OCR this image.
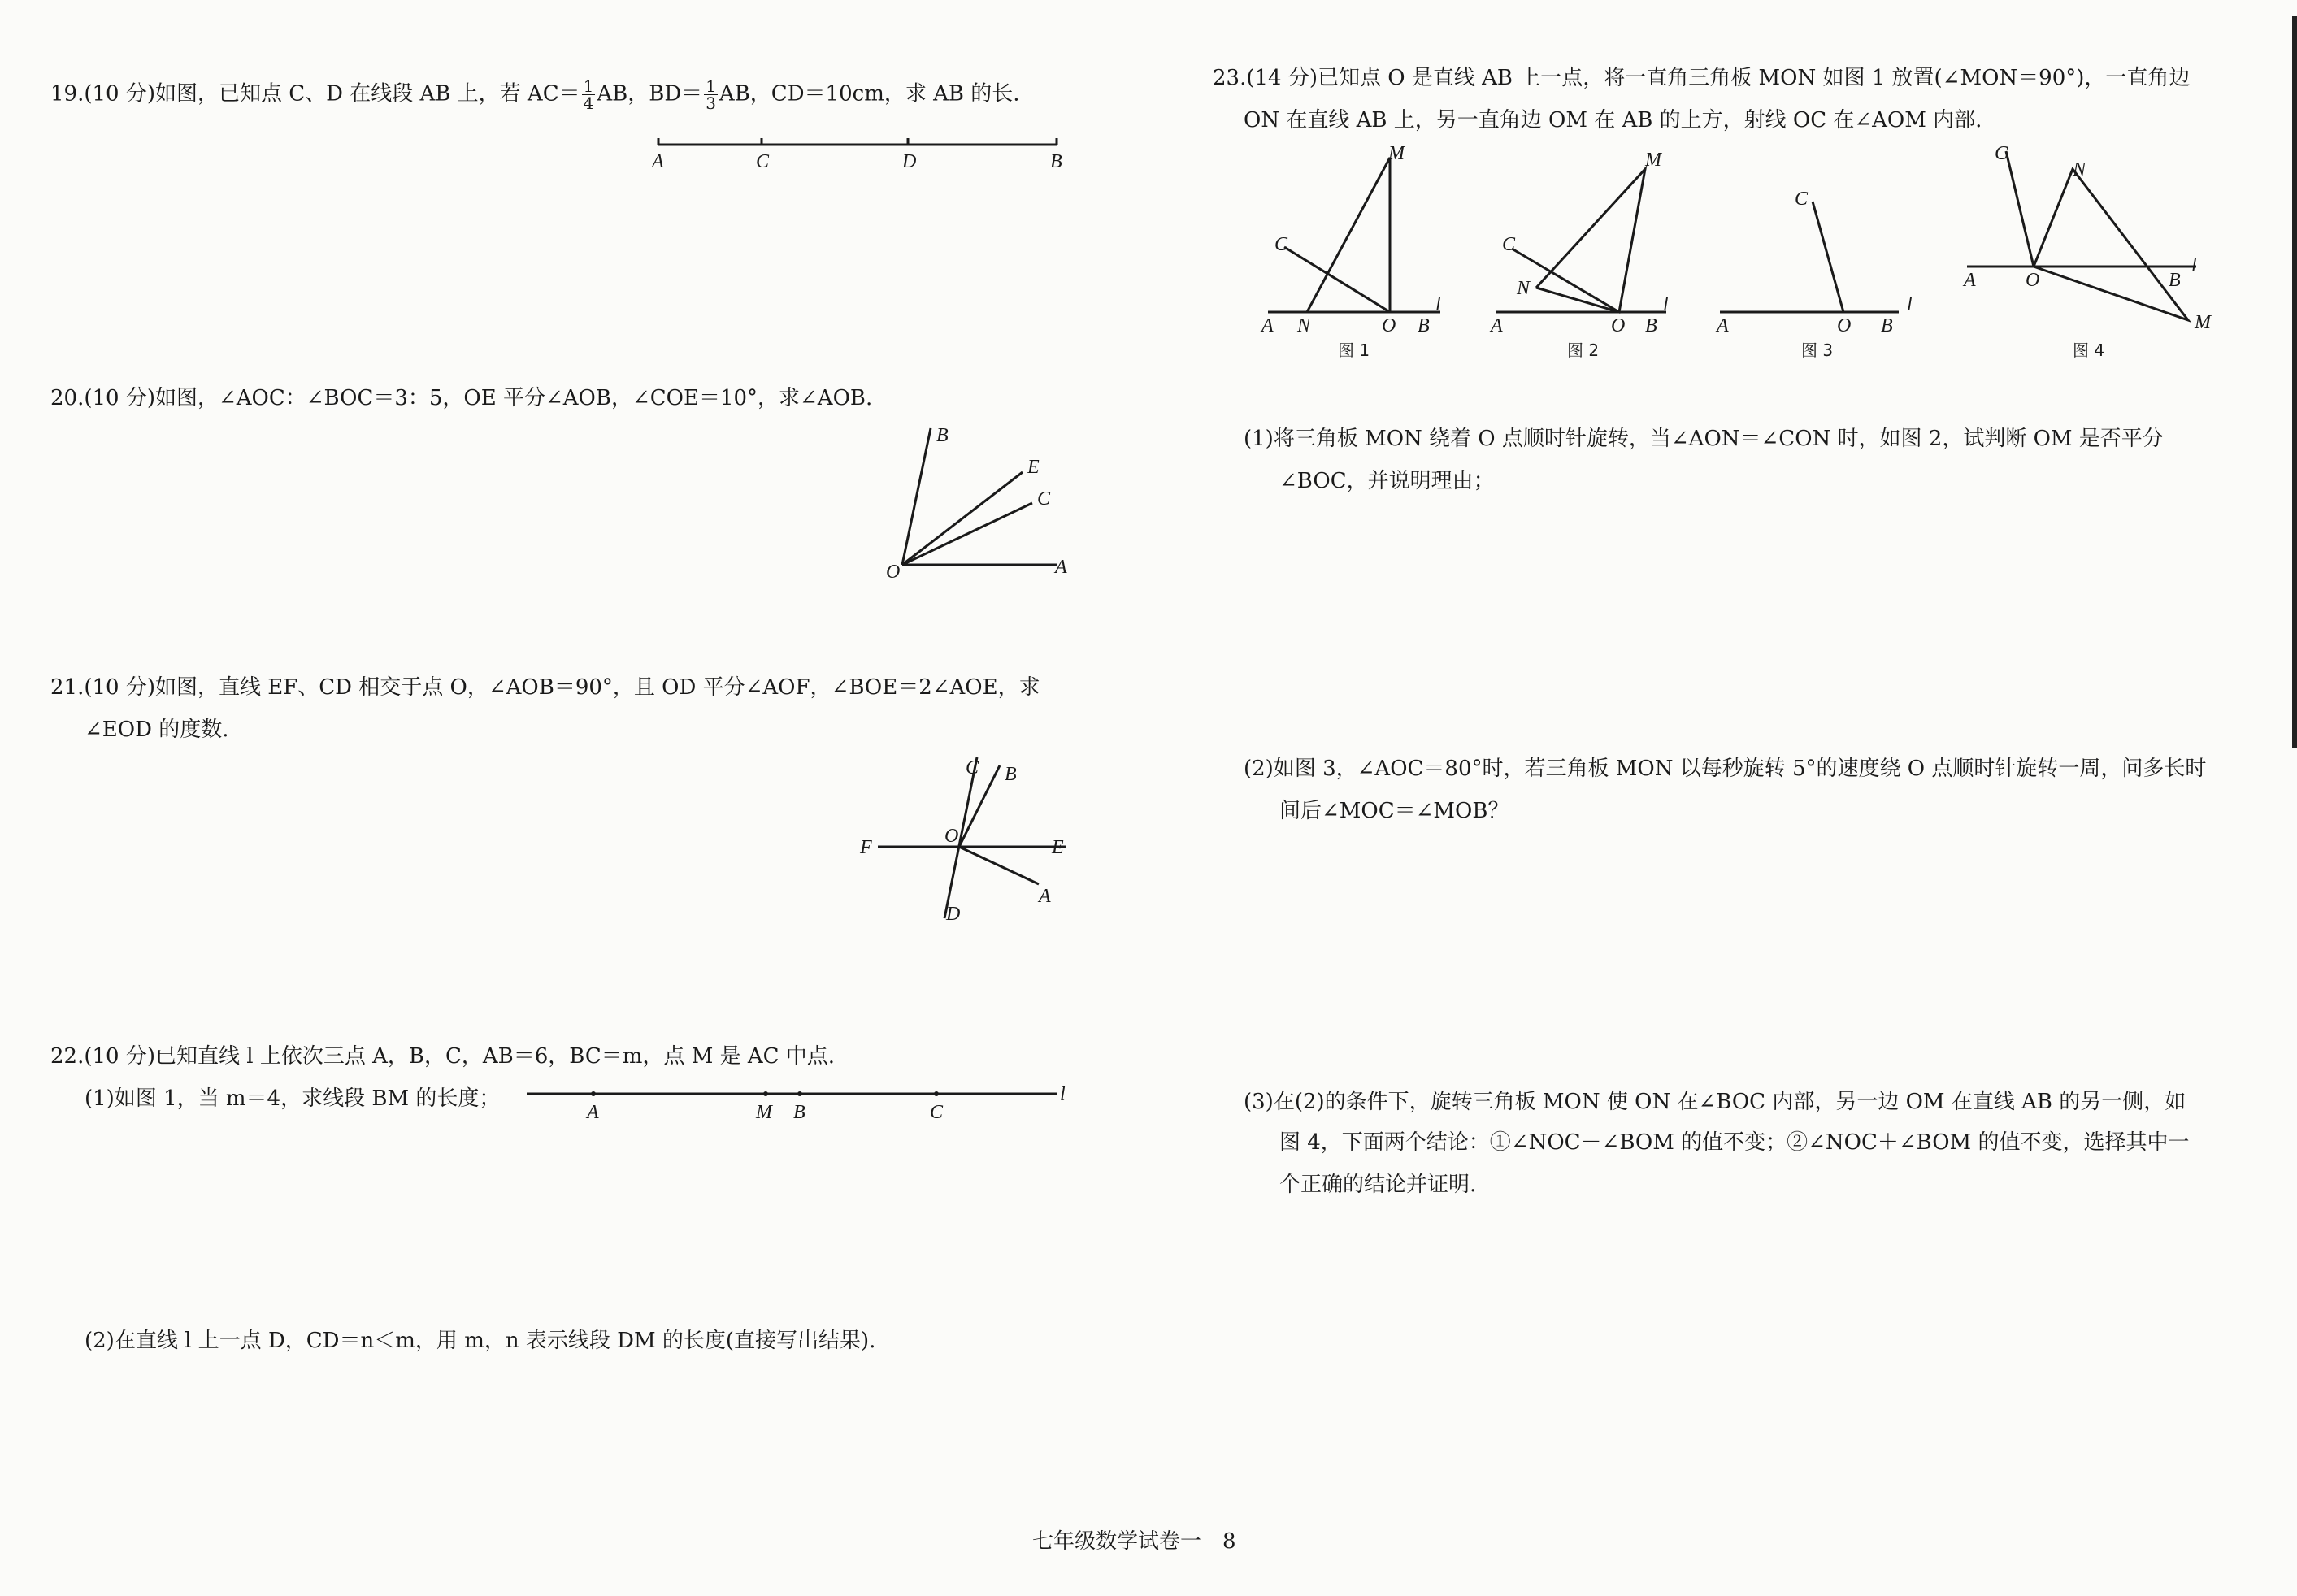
19.(10 分)如图，已知点 C、D 在线段 AB 上，若 $AC= \frac{1}{4}$ AB，$BD= \frac{1}{3}$ AB，CD＝10cm，求 AB 的长.
A	C	D	B
20.(10 分)如图，∠AOC：∠BOC＝3：5，OE 平分∠AOB，∠COE＝10°，求∠AOB.
B
E
C
O	A
21.(10 分)如图，直线 EF、CD 相交于点 O，∠AOB＝90°，且 OD 平分∠AOF，∠BOE＝2∠AOE，求
∠EOD 的度数.
C B
F
O
E
A
D
22.(10 分)已知直线 l 上依次三点 A，B，C，AB＝6，BC＝m，点 M 是 AC 中点.
(1)如图 1，当 m＝4，求线段 BM 的长度；
A	M B	C
l
(2)在直线 l 上一点 D，CD＝n＜m，用 m，n 表示线段 DM 的长度(直接写出结果).
23.(14 分)已知点 O 是直线 AB 上一点，将一直角三角板 MON 如图 1 放置(∠MON＝90°)，一直角边
ON 在直线 AB 上，另一直角边 OM 在 AB 的上方，射线 OC 在∠AOM 内部.
M
C
A N	O B
l
图 1
M
C
N
A	O B
l
图 2
C
A	O B
l
图 3
C
N
A	O	B
l
M
图 4
(1)将三角板 MON 绕着 O 点顺时针旋转，当∠AON＝∠CON 时，如图 2，试判断 OM 是否平分
∠BOC，并说明理由；
(2)如图 3，∠AOC＝80°时，若三角板 MON 以每秒旋转 5°的速度绕 O 点顺时针旋转一周，问多长时
间后∠MOC＝∠MOB？
(3)在(2)的条件下，旋转三角板 MON 使 ON 在∠BOC 内部，另一边 OM 在直线 AB 的另一侧，如
图 4，下面两个结论：①∠NOC－∠BOM 的值不变；②∠NOC＋∠BOM 的值不变，选择其中一
个正确的结论并证明.
七年级数学试卷一　8
